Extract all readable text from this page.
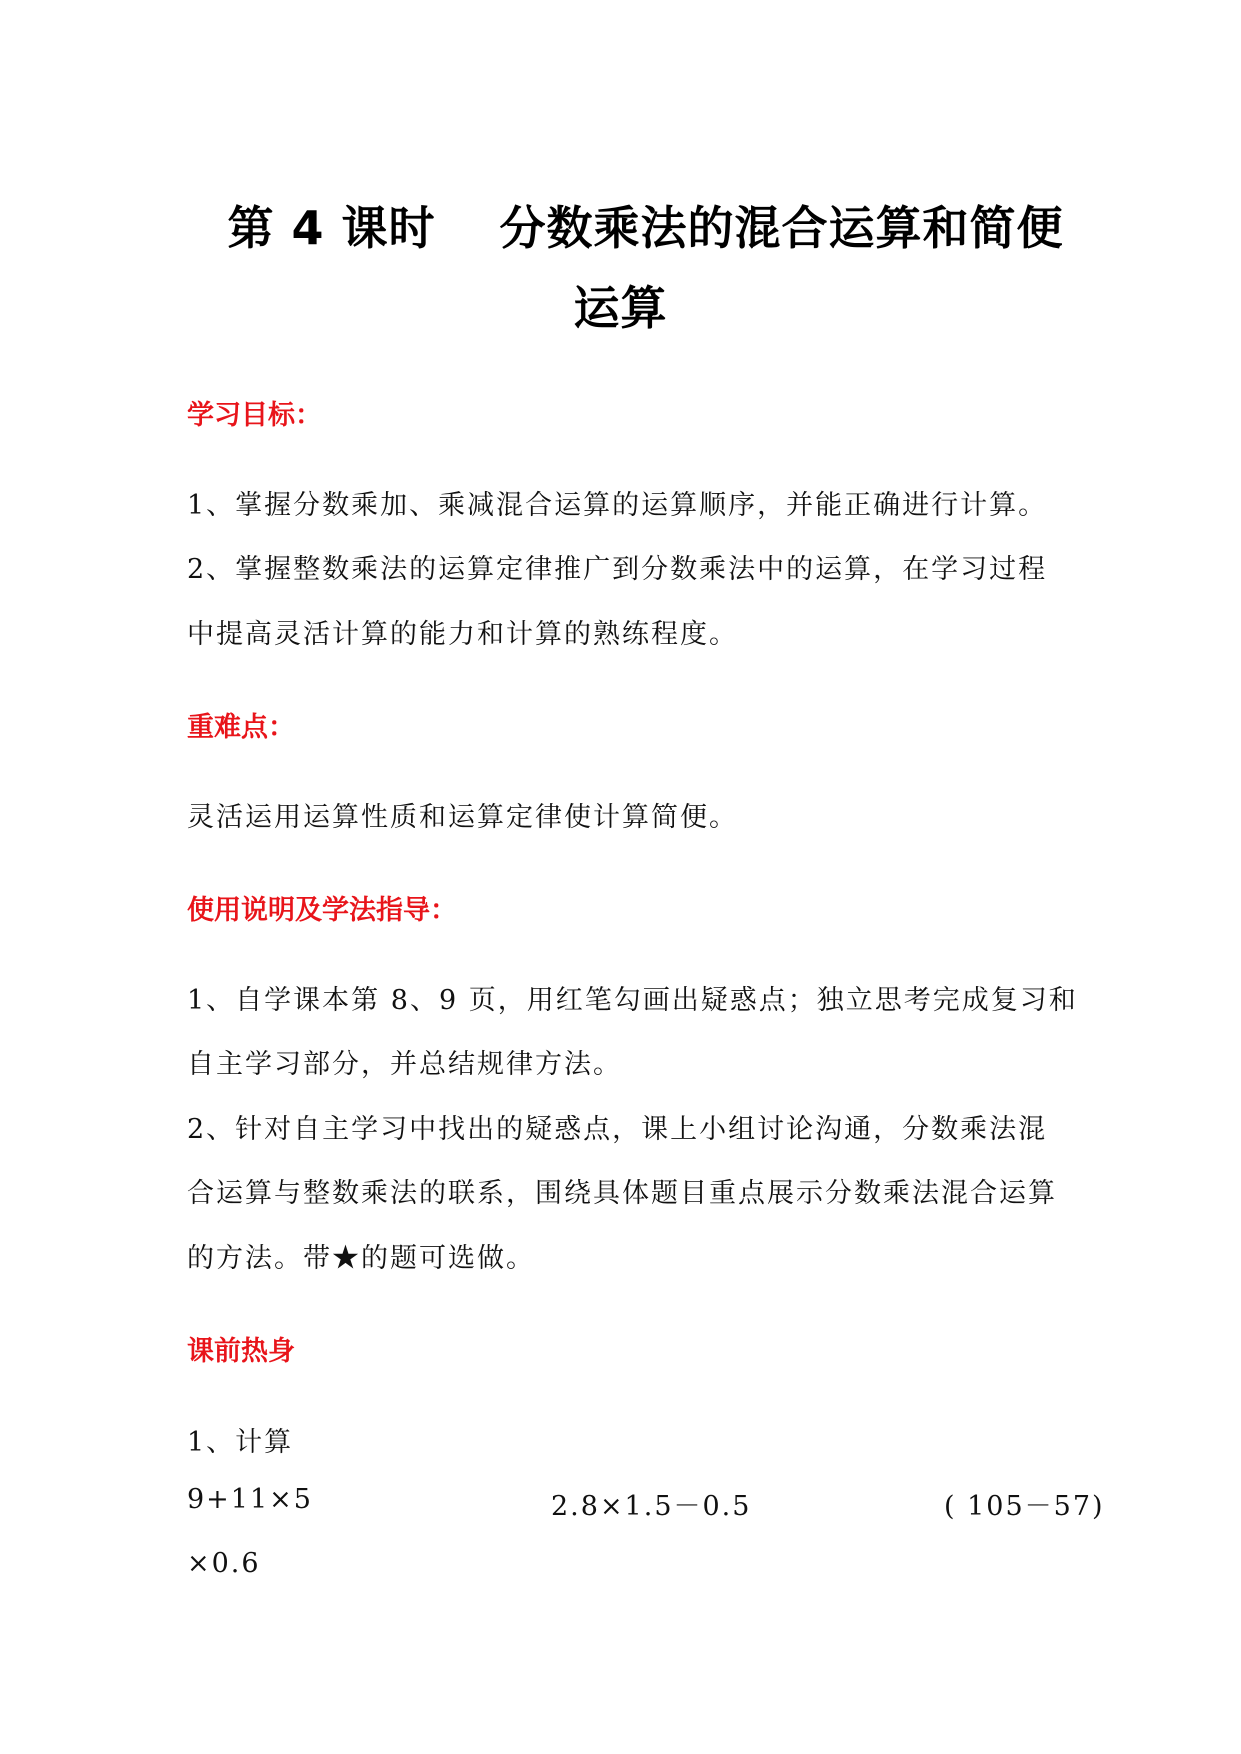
第 4 课时　 分数乘法的混合运算和简便
运算
学习目标：
1、掌握分数乘加、乘减混合运算的运算顺序，并能正确进行计算。
2、掌握整数乘法的运算定律推广到分数乘法中的运算，在学习过程
中提高灵活计算的能力和计算的熟练程度。
重难点：
灵活运用运算性质和运算定律使计算简便。
使用说明及学法指导：
1、自学课本第 8、9 页，用红笔勾画出疑惑点；独立思考完成复习和
自主学习部分，并总结规律方法。
2、针对自主学习中找出的疑惑点，课上小组讨论沟通，分数乘法混
合运算与整数乘法的联系，围绕具体题目重点展示分数乘法混合运算
的方法。带★的题可选做。
课前热身
1、计算
9+11×5	2.8×1.5－0.5	( 105－57)
×0.6
